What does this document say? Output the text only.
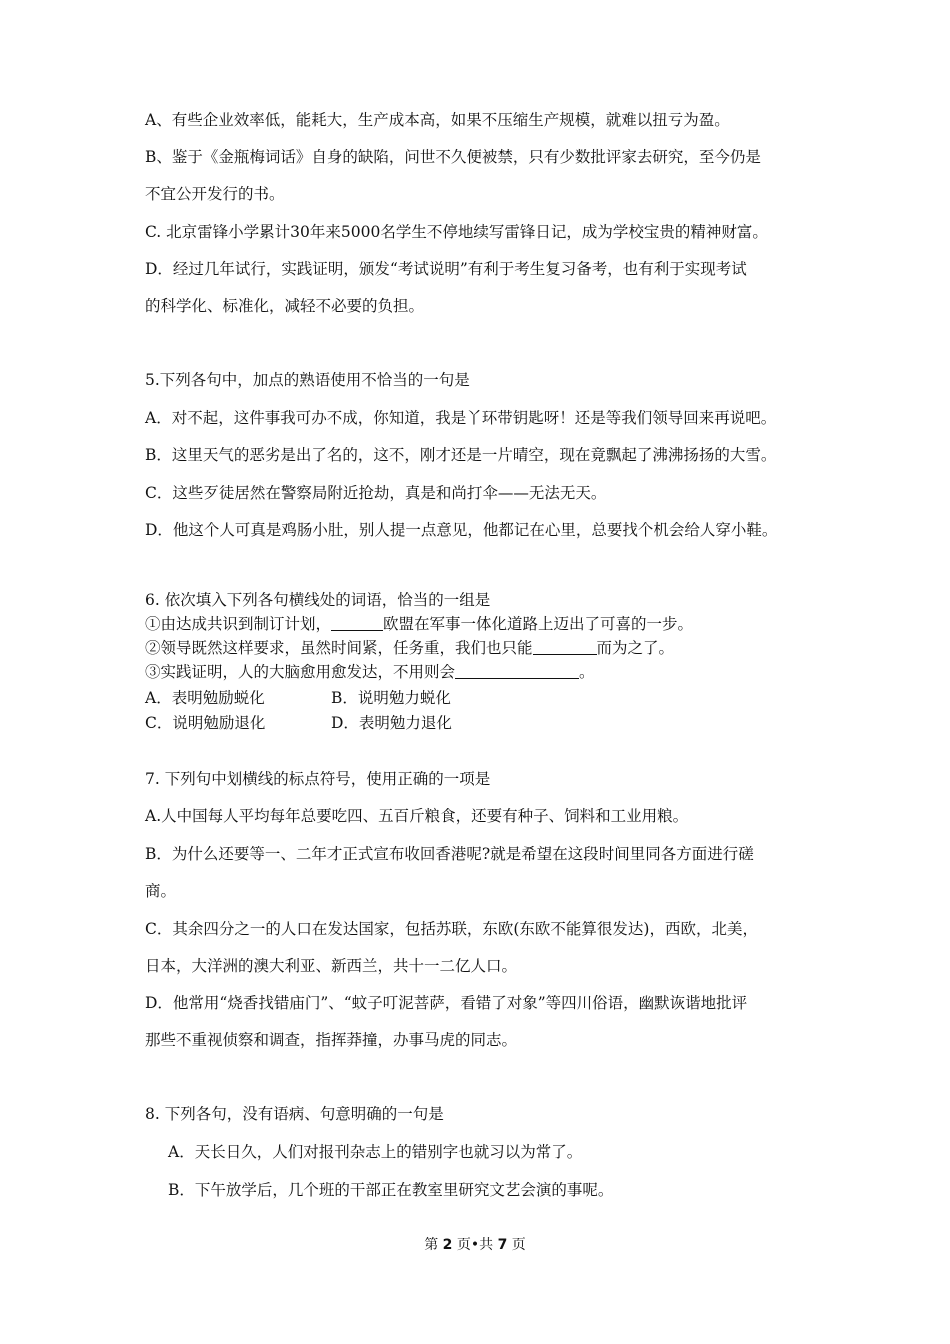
A、有些企业效率低，能耗大，生产成本高，如果不压缩生产规模，就难以扭亏为盈。
B、鉴于《金瓶梅词话》自身的缺陷，问世不久便被禁，只有少数批评家去研究，至今仍是
不宜公开发行的书。
C. 北京雷锋小学累计30年来5000名学生不停地续写雷锋日记，成为学校宝贵的精神财富。
D．经过几年试行，实践证明，颁发“考试说明”有利于考生复习备考，也有利于实现考试
的科学化、标准化，减轻不必要的负担。
5.下列各句中，加点的熟语使用不恰当的一句是
A．对不起，这件事我可办不成，你知道，我是丫环带钥匙呀！还是等我们领导回来再说吧。
B．这里天气的恶劣是出了名的，这不，刚才还是一片晴空，现在竟飘起了沸沸扬扬的大雪。
C．这些歹徒居然在警察局附近抢劫，真是和尚打伞——无法无天。
D．他这个人可真是鸡肠小肚，别人提一点意见，他都记在心里，总要找个机会给人穿小鞋。
6. 依次填入下列各句横线处的词语，恰当的一组是
①由达成共识到制订计划，	欧盟在军事一体化道路上迈出了可喜的一步。
②领导既然这样要求，虽然时间紧，任务重，我们也只能	而为之了。
③实践证明，人的大脑愈用愈发达，不用则会	。
A．表明勉励蜕化	B．说明勉力蜕化
C．说明勉励退化	D．表明勉力退化
7. 下列句中划横线的标点符号，使用正确的一项是
A.人中国每人平均每年总要吃四、五百斤粮食，还要有种子、饲料和工业用粮。
B．为什么还要等一、二年才正式宣布收回香港呢?就是希望在这段时间里同各方面进行磋
商。
C．其余四分之一的人口在发达国家，包括苏联，东欧(东欧不能算很发达)，西欧，北美，
日本，大洋洲的澳大利亚、新西兰，共十一二亿人口。
D．他常用“烧香找错庙门”、“蚊子叮泥菩萨，看错了对象”等四川俗语，幽默诙谐地批评
那些不重视侦察和调查，指挥莽撞，办事马虎的同志。
8. 下列各句，没有语病、句意明确的一句是
A．天长日久，人们对报刊杂志上的错别字也就习以为常了。
B．下午放学后，几个班的干部正在教室里研究文艺会演的事呢。
第 2 页•共 7 页
